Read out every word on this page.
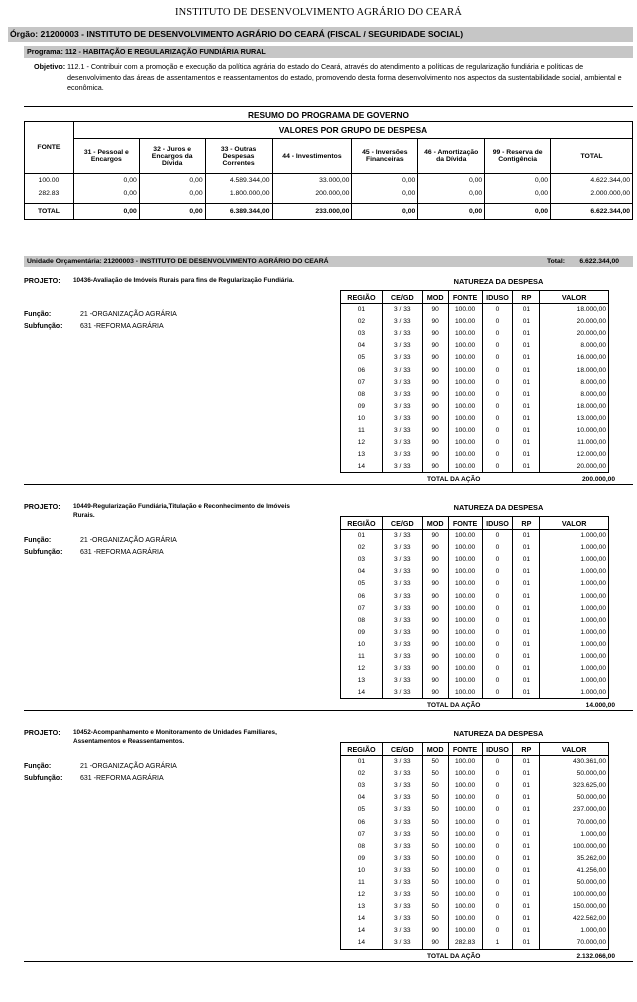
INSTITUTO DE DESENVOLVIMENTO AGRÁRIO DO CEARÁ
Órgão: 21200003 - INSTITUTO DE DESENVOLVIMENTO AGRÁRIO DO CEARÁ (FISCAL / SEGURIDADE SOCIAL)
Programa: 112 - HABITAÇÃO E REGULARIZAÇÃO FUNDIÁRIA RURAL
Objetivo: 112.1 - Contribuir com a promoção e execução da política agrária do estado do Ceará, através do atendimento a políticas de regularização fundiária e políticas de desenvolvimento das áreas de assentamentos e reassentamentos do estado, promovendo desta forma desenvolvimento nos aspectos da sustentabilidade social, ambiental e econômica.
RESUMO DO PROGRAMA DE GOVERNO
FONTE	VALORES POR GRUPO DE DESPESA							
	31 - Pessoal e Encargos	32 - Juros e Encargos da Dívida	33 - Outras Despesas Correntes	44 - Investimentos	45 - Inversões Financeiras	46 - Amortização da Dívida	99 - Reserva de Contigência	TOTAL
100.00	0,00	0,00	4.589.344,00	33.000,00	0,00	0,00	0,00	4.622.344,00
282.83	0,00	0,00	1.800.000,00	200.000,00	0,00	0,00	0,00	2.000.000,00

TOTAL	0,00	0,00	6.389.344,00	233.000,00	0,00	0,00	0,00	6.622.344,00
Unidade Orçamentária: 21200003 - INSTITUTO DE DESENVOLVIMENTO AGRÁRIO DO CEARÁ	Total: 6.622.344,00
PROJETO: 10436-Avaliação de Imóveis Rurais para fins de Regularização Fundiária.
Função:	21 -ORGANIZAÇÃO AGRÁRIA
Subfunção:	631 -REFORMA AGRÁRIA
NATUREZA DA DESPESA
REGIÃO	CE/GD	MOD	FONTE	IDUSO	RP	VALOR
01	3 / 33	90	100.00	0	01	18.000,00
02	3 / 33	90	100.00	0	01	20.000,00
03	3 / 33	90	100.00	0	01	20.000,00
04	3 / 33	90	100.00	0	01	8.000,00
05	3 / 33	90	100.00	0	01	16.000,00
06	3 / 33	90	100.00	0	01	18.000,00
07	3 / 33	90	100.00	0	01	8.000,00
08	3 / 33	90	100.00	0	01	8.000,00
09	3 / 33	90	100.00	0	01	18.000,00
10	3 / 33	90	100.00	0	01	13.000,00
11	3 / 33	90	100.00	0	01	10.000,00
12	3 / 33	90	100.00	0	01	11.000,00
13	3 / 33	90	100.00	0	01	12.000,00
14	3 / 33	90	100.00	0	01	20.000,00
TOTAL DA AÇÃO	200.000,00
PROJETO: 10449-Regularização Fundiária,Titulação e Reconhecimento de Imóveis Rurais.
Função:	21 -ORGANIZAÇÃO AGRÁRIA
Subfunção:	631 -REFORMA AGRÁRIA
NATUREZA DA DESPESA
REGIÃO	CE/GD	MOD	FONTE	IDUSO	RP	VALOR
01	3 / 33	90	100.00	0	01	1.000,00
02	3 / 33	90	100.00	0	01	1.000,00
03	3 / 33	90	100.00	0	01	1.000,00
04	3 / 33	90	100.00	0	01	1.000,00
05	3 / 33	90	100.00	0	01	1.000,00
06	3 / 33	90	100.00	0	01	1.000,00
07	3 / 33	90	100.00	0	01	1.000,00
08	3 / 33	90	100.00	0	01	1.000,00
09	3 / 33	90	100.00	0	01	1.000,00
10	3 / 33	90	100.00	0	01	1.000,00
11	3 / 33	90	100.00	0	01	1.000,00
12	3 / 33	90	100.00	0	01	1.000,00
13	3 / 33	90	100.00	0	01	1.000,00
14	3 / 33	90	100.00	0	01	1.000,00
TOTAL DA AÇÃO	14.000,00
PROJETO: 10452-Acompanhamento e Monitoramento de Unidades Familiares, Assentamentos e Reassentamentos.
Função:	21 -ORGANIZAÇÃO AGRÁRIA
Subfunção:	631 -REFORMA AGRÁRIA
NATUREZA DA DESPESA
REGIÃO	CE/GD	MOD	FONTE	IDUSO	RP	VALOR
01	3 / 33	50	100.00	0	01	430.361,00
02	3 / 33	50	100.00	0	01	50.000,00
03	3 / 33	50	100.00	0	01	323.625,00
04	3 / 33	50	100.00	0	01	50.000,00
05	3 / 33	50	100.00	0	01	237.000,00
06	3 / 33	50	100.00	0	01	70.000,00
07	3 / 33	50	100.00	0	01	1.000,00
08	3 / 33	50	100.00	0	01	100.000,00
09	3 / 33	50	100.00	0	01	35.262,00
10	3 / 33	50	100.00	0	01	41.256,00
11	3 / 33	50	100.00	0	01	50.000,00
12	3 / 33	50	100.00	0	01	100.000,00
13	3 / 33	50	100.00	0	01	150.000,00
14	3 / 33	50	100.00	0	01	422.562,00
14	3 / 33	90	100.00	0	01	1.000,00
14	3 / 33	90	282.83	1	01	70.000,00
TOTAL DA AÇÃO	2.132.066,00
